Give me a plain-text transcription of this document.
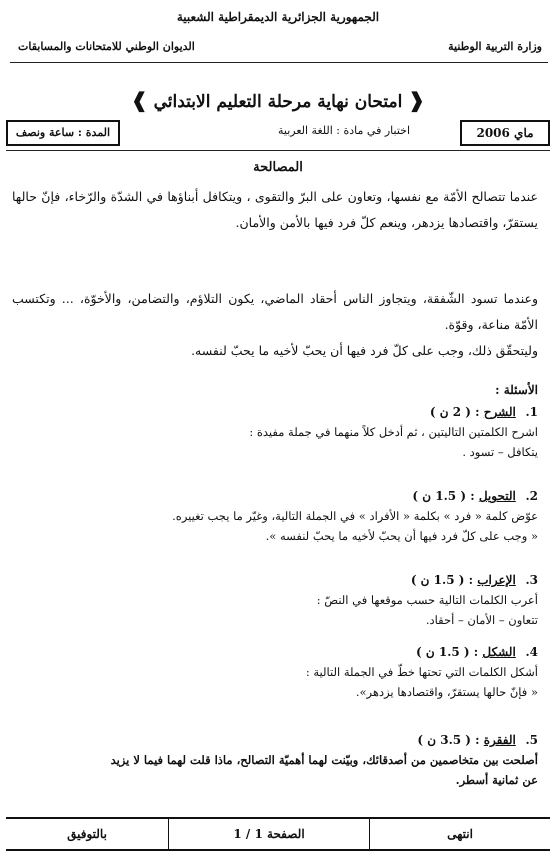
الجمهورية الجزائرية الديمقراطية الشعبية
وزارة التربية الوطنية
الديوان الوطني للامتحانات والمسابقات
❰ امتحان نهاية مرحلة التعليم الابتدائي ❱
ماي 2006
اختبار في مادة : اللغة العربية
المدة : ساعة ونصف
المصالحة
عندما تتصالح الأمّة مع نفسها، وتعاون على البرّ والتقوى ، ويتكافل أبناؤها في الشدّة والرّخاء، فإنّ حالها يستقرّ، واقتصادها يزدهر، وينعم كلّ فرد فيها بالأمن والأمان.
وعندما تسود الشّفقة، ويتجاوز الناس أحقاد الماضي، يكون التلاؤم، والتضامن، والأخوّة، ... وتكتسب الأمّة مناعة، وقوّة.
وليتحقّق ذلك، وجب على كلّ فرد فيها أن يحبّ لأخيه ما يحبّ لنفسه.
الأسئلة :
1. الشرح : ( 2 ن )
اشرح الكلمتين التاليتين ، ثم أدخل كلاً منهما في جملة مفيدة :
يتكافل – تسود .
2. التحويل : ( 1.5 ن )
عوّض كلمة « فرد » بكلمة « الأفراد » في الجملة التالية، وغيّر ما يجب تغييره.
« وجب على كلّ فرد فيها أن يحبّ لأخيه ما يحبّ لنفسه ».
3. الإعراب : ( 1.5 ن )
أعرب الكلمات التالية حسب موقعها في النصّ :
تتعاون – الأمان – أحقاد.
4. الشكل : ( 1.5 ن )
أشكل الكلمات التي تحتها خطّ في الجملة التالية :
« فإنّ حالها يستقرّ، واقتصادها يزدهر».
5. الفقرة : ( 3.5 ن )
أصلحت بين متخاصمين من أصدقائك، وبيّنت لهما أهميّة التصالح، ماذا قلت لهما فيما لا يزيد
عن ثمانية أسطر.
انتهى
الصفحة 1 / 1
بالتوفيق
